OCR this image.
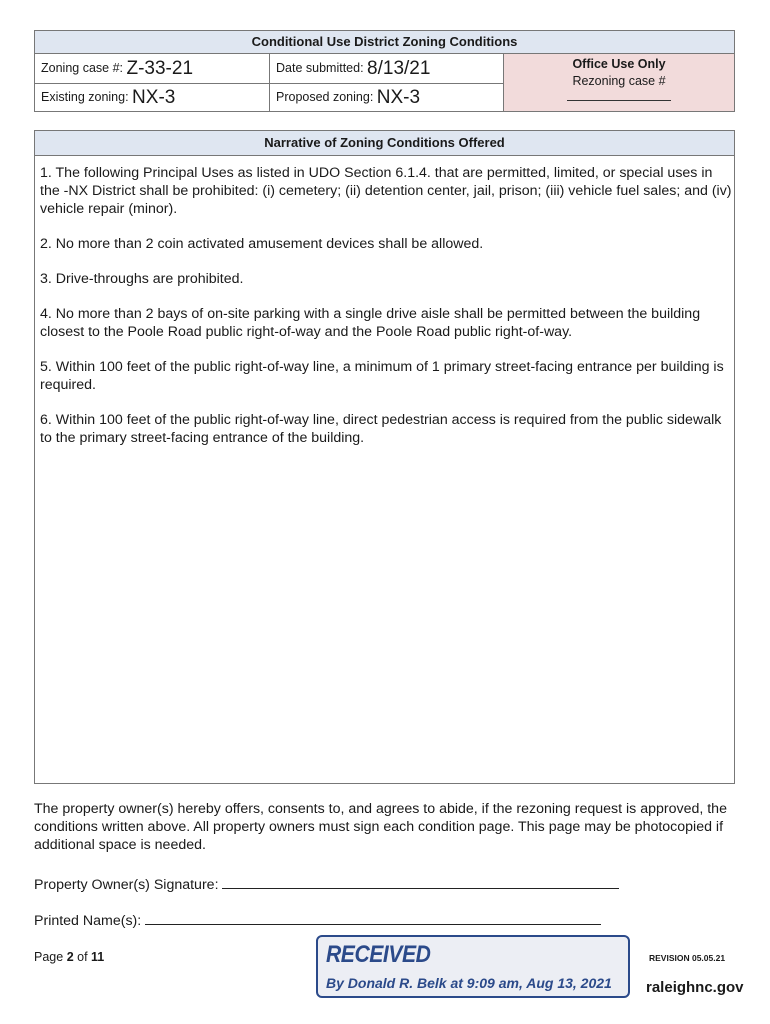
Conditional Use District Zoning Conditions
Zoning case #: Z-33-21	Date submitted: 8/13/21
Existing zoning: NX-3	Proposed zoning: NX-3
Office Use Only
Rezoning case #
Narrative of Zoning Conditions Offered

1. The following Principal Uses as listed in UDO Section 6.1.4. that are permitted, limited, or special uses in the -NX District shall be prohibited: (i) cemetery; (ii) detention center, jail, prison; (iii) vehicle fuel sales; and (iv) vehicle repair (minor).

2. No more than 2 coin activated amusement devices shall be allowed.

3. Drive-throughs are prohibited.

4. No more than 2 bays of on-site parking with a single drive aisle shall be permitted between the building closest to the Poole Road public right-of-way and the Poole Road public right-of-way.

5. Within 100 feet of the public right-of-way line, a minimum of 1 primary street-facing entrance per building is required.

6. Within 100 feet of the public right-of-way line, direct pedestrian access is required from the public sidewalk to the primary street-facing entrance of the building.

The property owner(s) hereby offers, consents to, and agrees to abide, if the rezoning request is approved, the conditions written above. All property owners must sign each condition page. This page may be photocopied if additional space is needed.
Property Owner(s) Signature:
Printed Name(s):
Page 2 of 11	RECEIVED
By Donald R. Belk at 9:09 am, Aug 13, 2021
REVISION 05.05.21
raleighnc.gov
